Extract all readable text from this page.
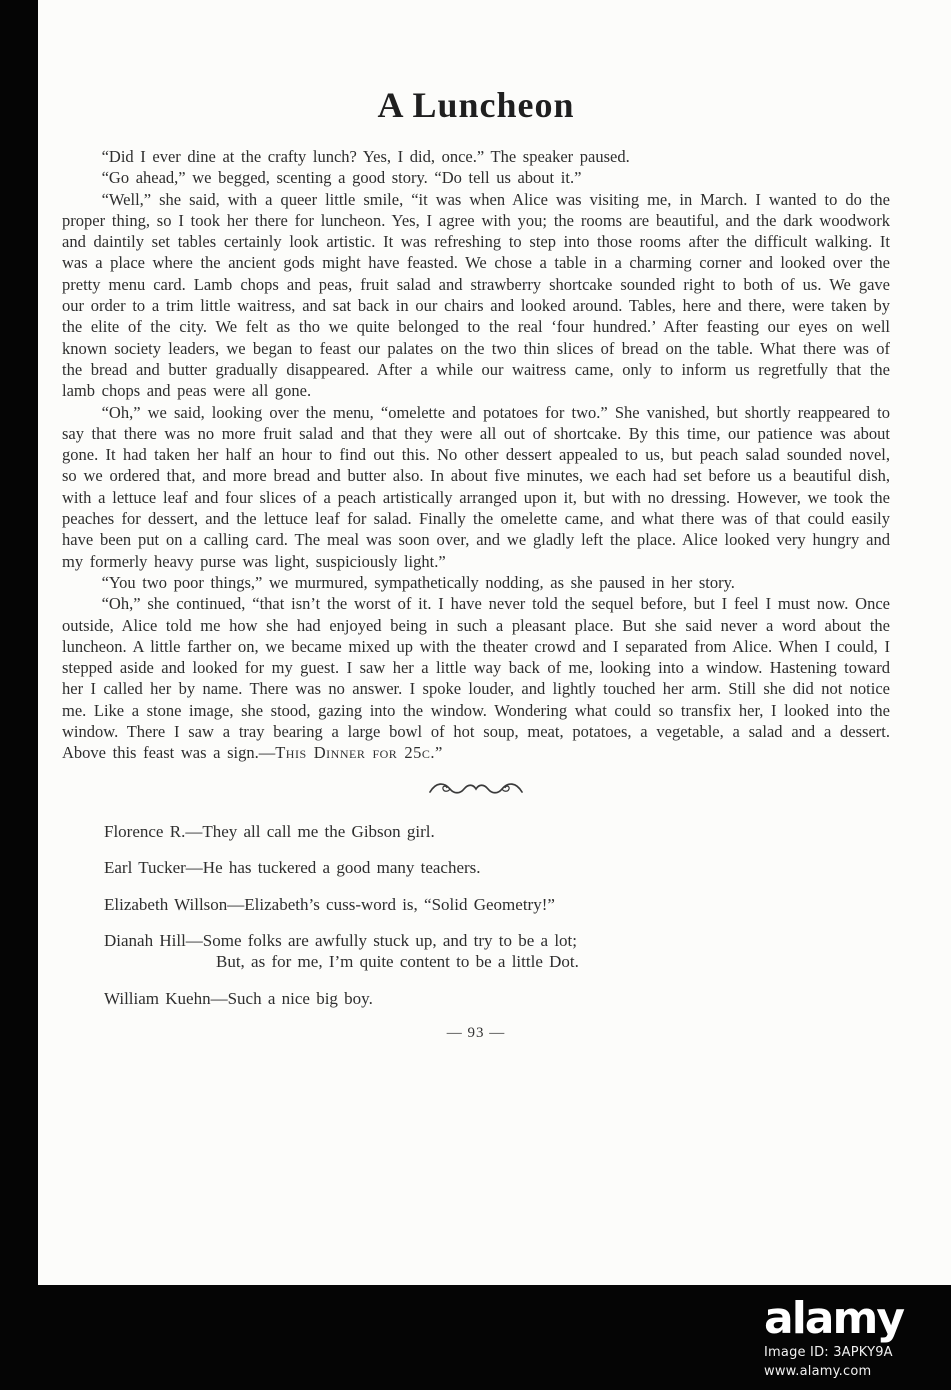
A Luncheon

“Did I ever dine at the crafty lunch? Yes, I did, once.” The speaker paused.

“Go ahead,” we begged, scenting a good story. “Do tell us about it.”

“Well,” she said, with a queer little smile, “it was when Alice was visiting me, in March. I wanted to do the proper thing, so I took her there for luncheon. Yes, I agree with you; the rooms are beautiful, and the dark woodwork and daintily set tables certainly look artistic. It was refreshing to step into those rooms after the difficult walking. It was a place where the ancient gods might have feasted. We chose a table in a charming corner and looked over the pretty menu card. Lamb chops and peas, fruit salad and strawberry shortcake sounded right to both of us. We gave our order to a trim little waitress, and sat back in our chairs and looked around. Tables, here and there, were taken by the elite of the city. We felt as tho we quite belonged to the real ‘four hundred.’ After feasting our eyes on well known society leaders, we began to feast our palates on the two thin slices of bread on the table. What there was of the bread and butter gradually disappeared. After a while our waitress came, only to inform us regretfully that the lamb chops and peas were all gone.

“Oh,” we said, looking over the menu, “omelette and potatoes for two.” She vanished, but shortly reappeared to say that there was no more fruit salad and that they were all out of shortcake. By this time, our patience was about gone. It had taken her half an hour to find out this. No other dessert appealed to us, but peach salad sounded novel, so we ordered that, and more bread and butter also. In about five minutes, we each had set before us a beautiful dish, with a lettuce leaf and four slices of a peach artistically arranged upon it, but with no dressing. However, we took the peaches for dessert, and the lettuce leaf for salad. Finally the omelette came, and what there was of that could easily have been put on a calling card. The meal was soon over, and we gladly left the place. Alice looked very hungry and my formerly heavy purse was light, suspiciously light.”

“You two poor things,” we murmured, sympathetically nodding, as she paused in her story.

“Oh,” she continued, “that isn’t the worst of it. I have never told the sequel before, but I feel I must now. Once outside, Alice told me how she had enjoyed being in such a pleasant place. But she said never a word about the luncheon. A little farther on, we became mixed up with the theater crowd and I separated from Alice. When I could, I stepped aside and looked for my guest. I saw her a little way back of me, looking into a window. Hastening toward her I called her by name. There was no answer. I spoke louder, and lightly touched her arm. Still she did not notice me. Like a stone image, she stood, gazing into the window. Wondering what could so transfix her, I looked into the window. There I saw a tray bearing a large bowl of hot soup, meat, potatoes, a vegetable, a salad and a dessert. Above this feast was a sign.—This Dinner for 25c.”

Florence R.—They all call me the Gibson girl.

Earl Tucker—He has tuckered a good many teachers.

Elizabeth Willson—Elizabeth’s cuss-word is, “Solid Geometry!”

Dianah Hill—Some folks are awfully stuck up, and try to be a lot;
But, as for me, I’m quite content to be a little Dot.

William Kuehn—Such a nice big boy.

— 93 —
alamy
Image ID: 3APKY9A
www.alamy.com
